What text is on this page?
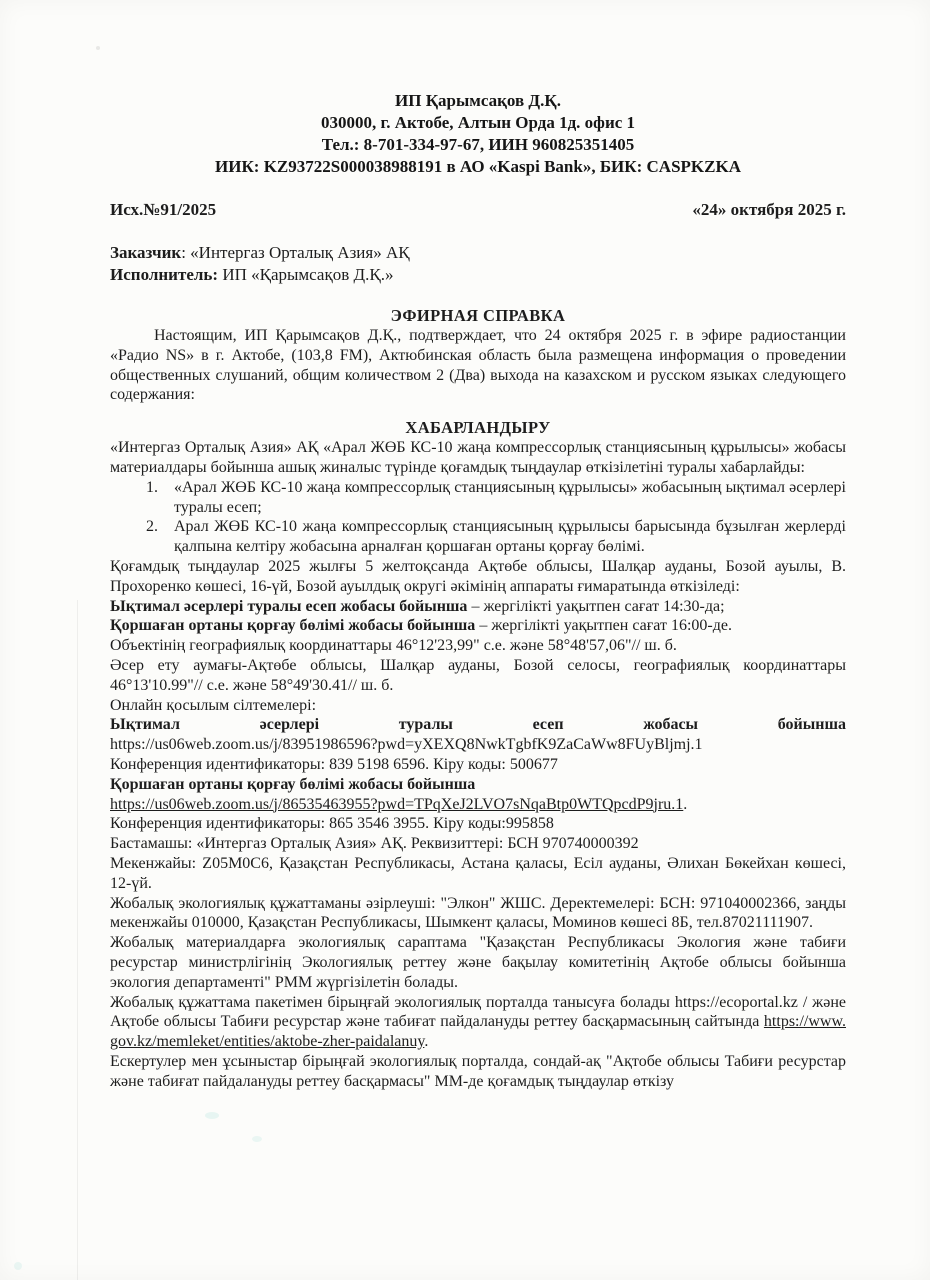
ИП Қарымсақов Д.Қ.
030000, г. Актобе, Алтын Орда 1д. офис 1
Тел.: 8-701-334-97-67, ИИН 960825351405
ИИК: KZ93722S000038988191 в АО «Kaspi Bank», БИК: CASPKZKA
Исх.№91/2025	«24» октября 2025 г.
Заказчик: «Интергаз Орталық Азия» АҚ
Исполнитель: ИП «Қарымсақов Д.Қ.»
ЭФИРНАЯ СПРАВКА

Настоящим, ИП Қарымсақов Д.Қ., подтверждает, что 24 октября 2025 г. в эфире радиостанции «Радио NS» в г. Актобе, (103,8 FM), Актюбинская область была размещена информация о проведении общественных слушаний, общим количеством 2 (Два) выхода на казахском и русском языках следующего содержания:

ХАБАРЛАНДЫРУ

«Интергаз Орталық Азия» АҚ «Арал ЖӨБ КС-10 жаңа компрессорлық станциясының құрылысы» жобасы материалдары бойынша ашық жиналыс түрінде қоғамдық тыңдаулар өткізілетіні туралы хабарлайды:

1.	«Арал ЖӨБ КС-10 жаңа компрессорлық станциясының құрылысы» жобасының ықтимал әсерлері туралы есеп;
2.	Арал ЖӨБ КС-10 жаңа компрессорлық станциясының құрылысы барысында бұзылған жерлерді қалпына келтіру жобасына арналған қоршаған ортаны қорғау бөлімі.

Қоғамдық тыңдаулар 2025 жылғы 5 желтоқсанда Ақтөбе облысы, Шалқар ауданы, Бозой ауылы, В. Прохоренко көшесі, 16-үй, Бозой ауылдық округі әкімінің аппараты ғимаратында өткізіледі:

Ықтимал әсерлері туралы есеп жобасы бойынша – жергілікті уақытпен сағат 14:30-да;

Қоршаған ортаны қорғау бөлімі жобасы бойынша – жергілікті уақытпен сағат 16:00-де.

Объектінің географиялық координаттары 46°12'23,99" с.е. және 58°48'57,06"// ш. б.

Әсер ету аумағы-Ақтөбе облысы, Шалқар ауданы, Бозой селосы, географиялық координаттары 46°13'10.99"// с.е. және 58°49'30.41// ш. б.

Онлайн қосылым сілтемелері:

Ықтимал әсерлері туралы есеп жобасы бойынша

https://us06web.zoom.us/j/83951986596?pwd=yXEXQ8NwkTgbfK9ZaCaWw8FUyBljmj.1

Конференция идентификаторы: 839 5198 6596. Кіру коды: 500677

Қоршаған ортаны қорғау бөлімі жобасы бойынша

https://us06web.zoom.us/j/86535463955?pwd=TPqXeJ2LVO7sNqaBtp0WTQpcdP9jru.1.

Конференция идентификаторы: 865 3546 3955. Кіру коды:995858

Бастамашы: «Интергаз Орталық Азия» АҚ. Реквизиттері: БСН 970740000392

Мекенжайы: Z05M0C6, Қазақстан Республикасы, Астана қаласы, Есіл ауданы, Әлихан Бөкейхан көшесі, 12-үй.

Жобалық экологиялық құжаттаманы әзірлеуші: "Элкон" ЖШС. Деректемелері: БСН: 971040002366, заңды мекенжайы 010000, Қазақстан Республикасы, Шымкент қаласы, Моминов көшесі 8Б, тел.87021111907.

Жобалық материалдарға экологиялық сараптама "Қазақстан Республикасы Экология және табиғи ресурстар министрлігінің Экологиялық реттеу және бақылау комитетінің Ақтобе облысы бойынша экология департаменті" РММ жүргізілетін болады.

Жобалық құжаттама пакетімен бірыңғай экологиялық порталда танысуға болады https://ecoportal.kz / және Ақтобе облысы Табиғи ресурстар және табиғат пайдалануды реттеу басқармасының сайтында https://www.gov.kz/memleket/entities/aktobe-zher-paidalanuy.

Ескертулер мен ұсыныстар бірыңғай экологиялық порталда, сондай-ақ "Ақтобе облысы Табиғи ресурстар және табиғат пайдалануды реттеу басқармасы" ММ-де қоғамдық тыңдаулар өткізу
